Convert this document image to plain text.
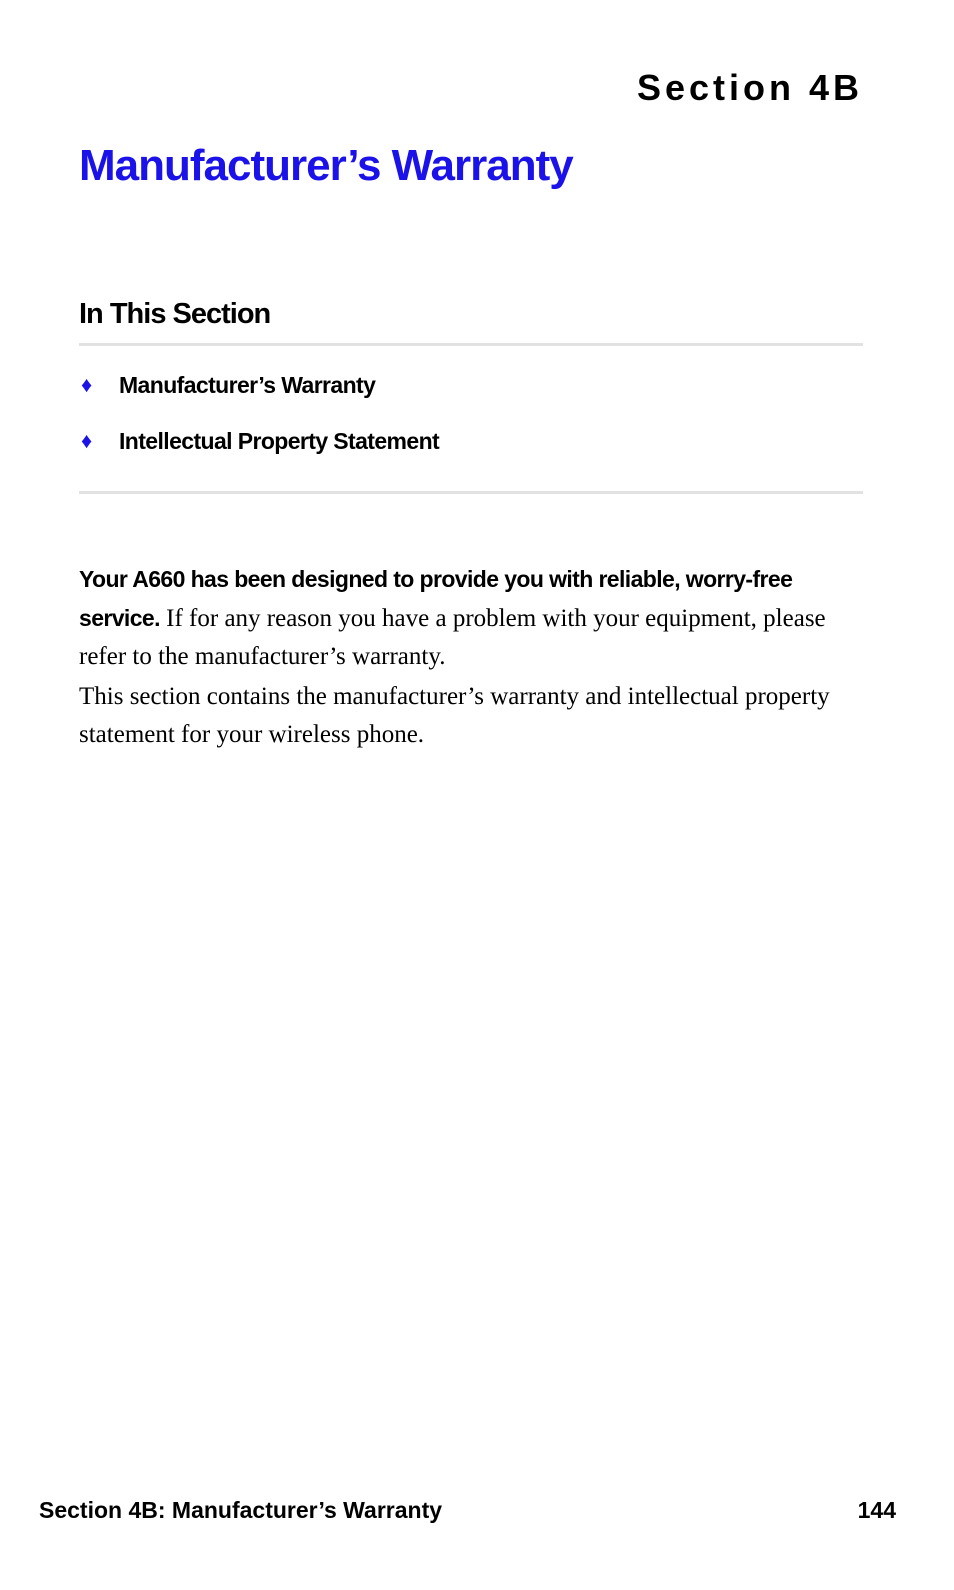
Section 4B
Manufacturer’s Warranty
In This Section
♦	Manufacturer’s Warranty
♦	Intellectual Property Statement

Your A660 has been designed to provide you with reliable, worry-free service. If for any reason you have a problem with your equipment, please refer to the manufacturer’s warranty.

This section contains the manufacturer’s warranty and intellectual property statement for your wireless phone.

Section 4B: Manufacturer’s Warranty	144
